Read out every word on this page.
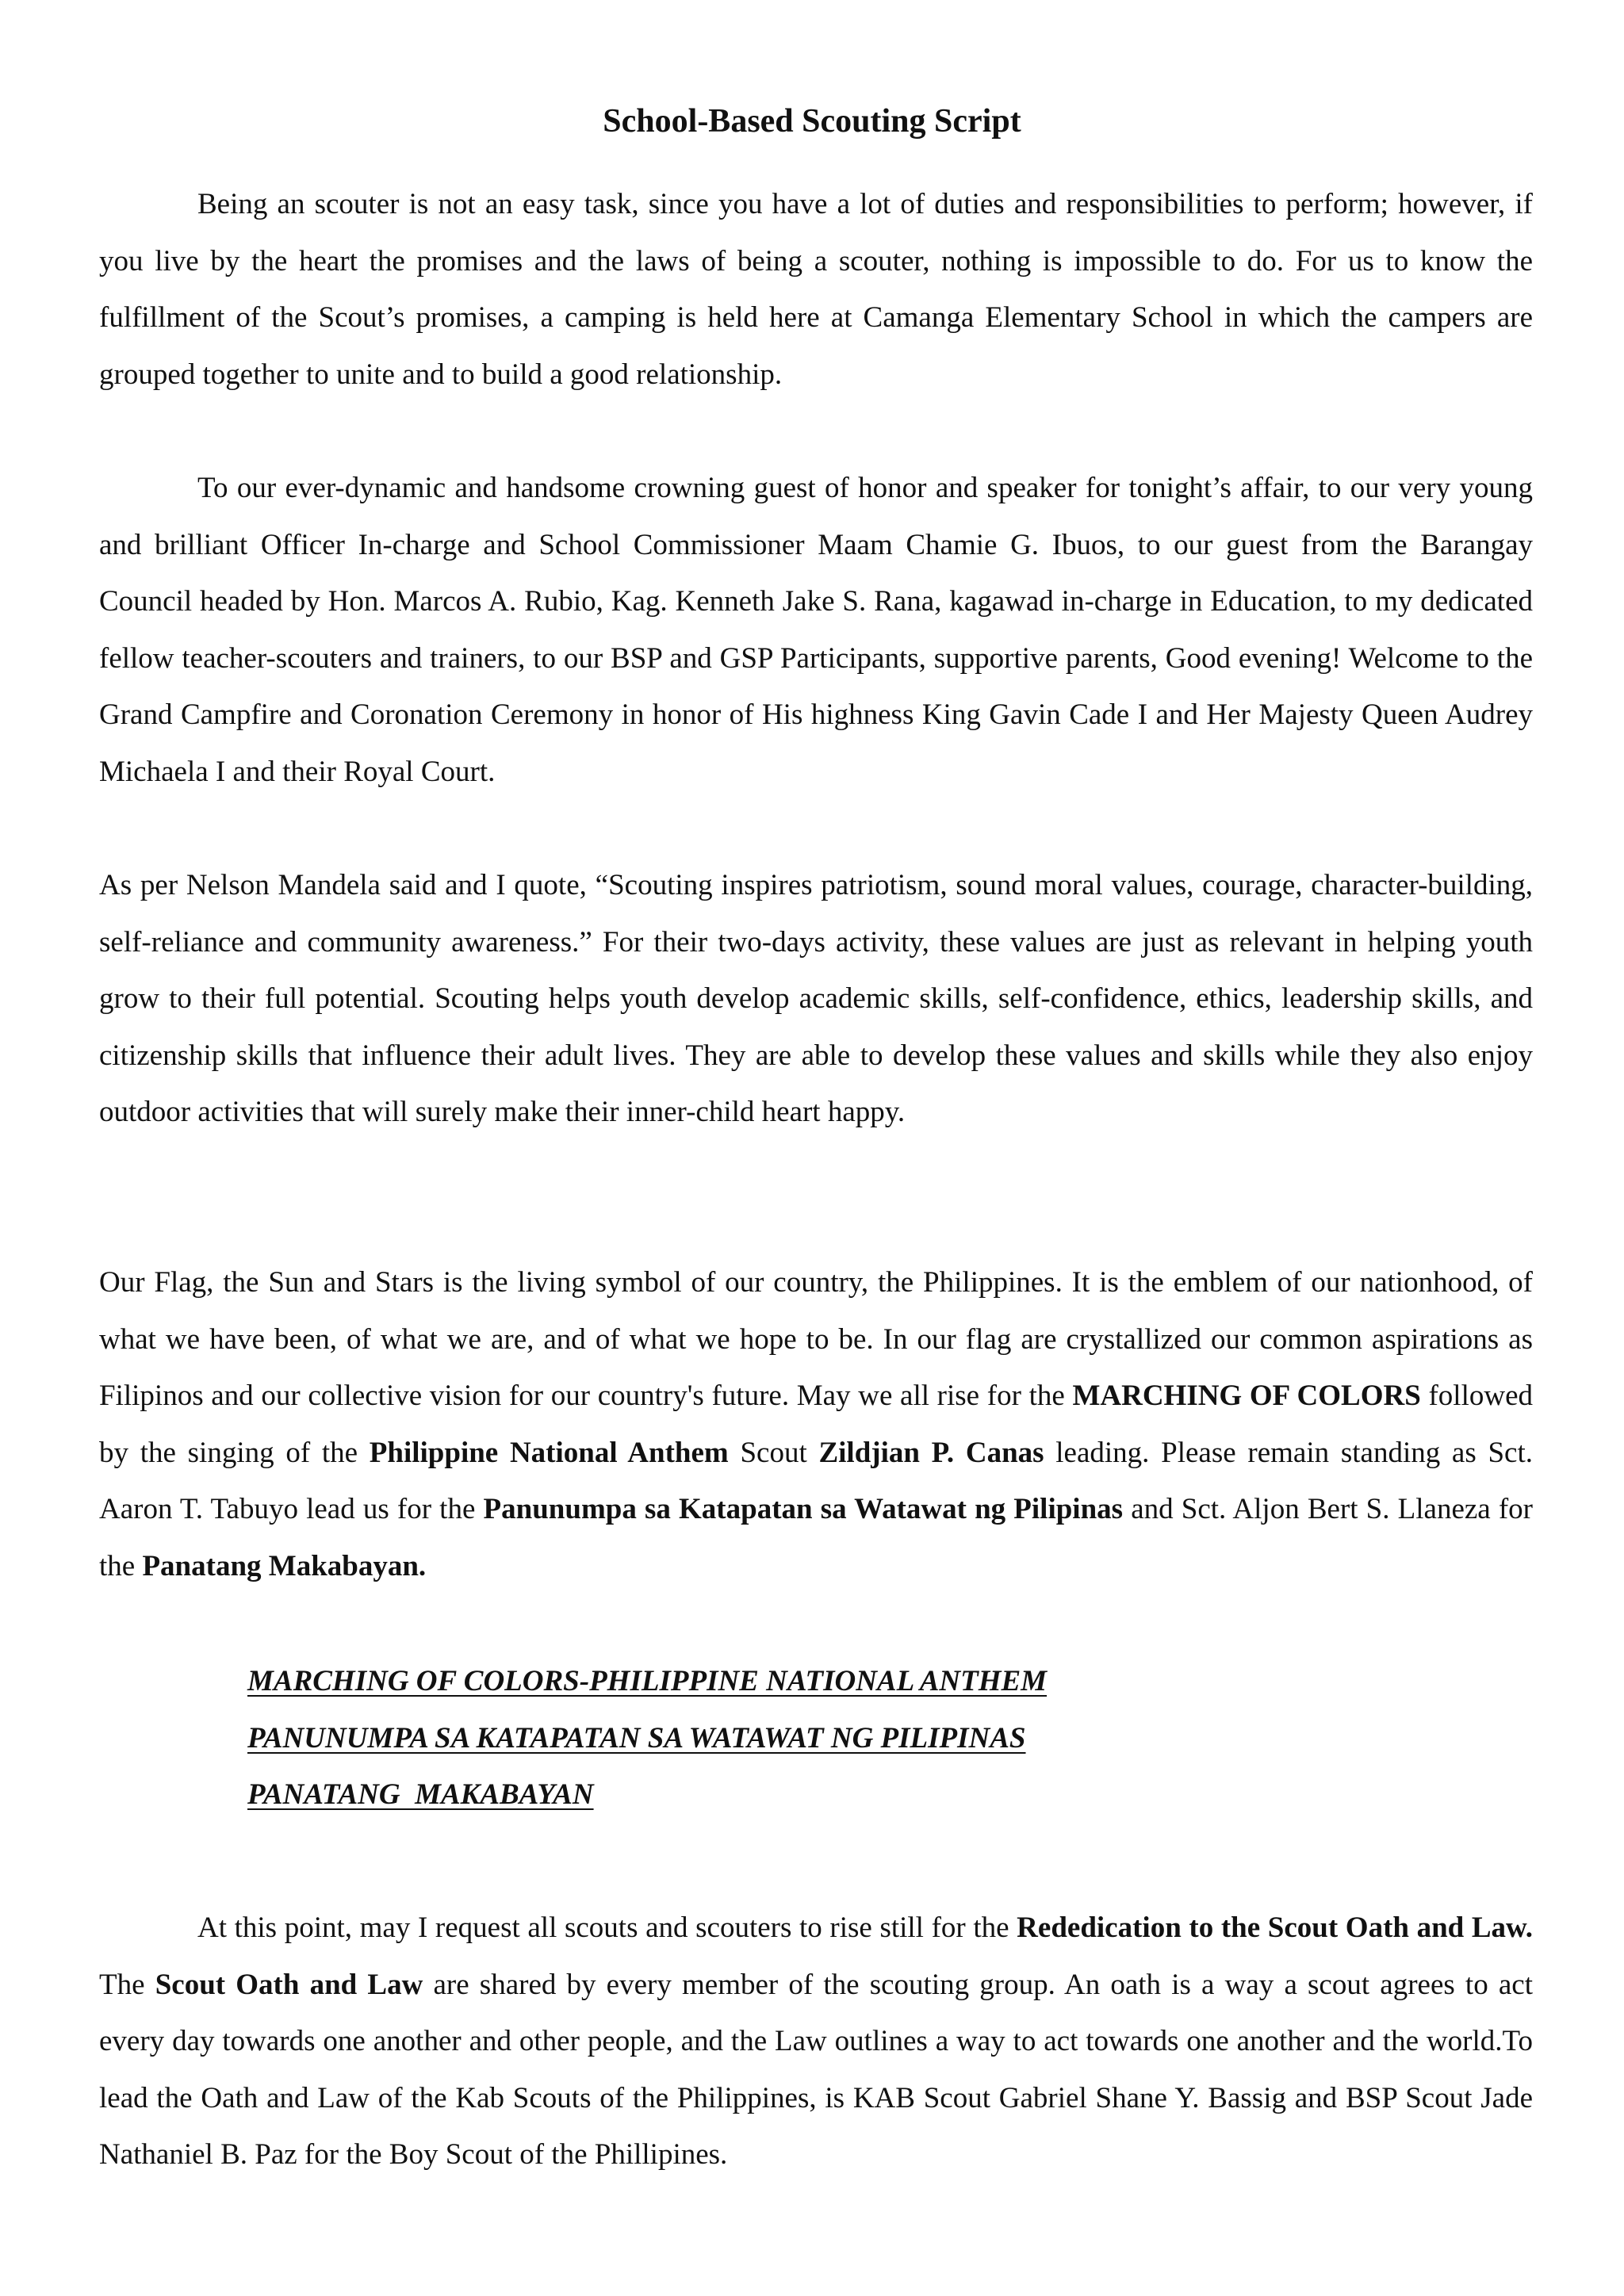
School-Based Scouting Script

Being an scouter is not an easy task, since you have a lot of duties and responsibilities to perform; however, if you live by the heart the promises and the laws of being a scouter, nothing is impossible to do. For us to know the fulfillment of the Scout’s promises, a camping is held here at Camanga Elementary School in which the campers are grouped together to unite and to build a good relationship.

To our ever-dynamic and handsome crowning guest of honor and speaker for tonight’s affair, to our very young and brilliant Officer In-charge and School Commissioner Maam Chamie G. Ibuos, to our guest from the Barangay Council headed by Hon. Marcos A. Rubio, Kag. Kenneth Jake S. Rana, kagawad in-charge in Education, to my dedicated fellow teacher-scouters and trainers, to our BSP and GSP Participants, supportive parents, Good evening! Welcome to the Grand Campfire and Coronation Ceremony in honor of His highness King Gavin Cade I and Her Majesty Queen Audrey Michaela I and their Royal Court.

As per Nelson Mandela said and I quote, “Scouting inspires patriotism, sound moral values, courage, character-building, self-reliance and community awareness.” For their two-days activity, these values are just as relevant in helping youth grow to their full potential. Scouting helps youth develop academic skills, self-confidence, ethics, leadership skills, and citizenship skills that influence their adult lives. They are able to develop these values and skills while they also enjoy outdoor activities that will surely make their inner-child heart happy.

Our Flag, the Sun and Stars is the living symbol of our country, the Philippines. It is the emblem of our nationhood, of what we have been, of what we are, and of what we hope to be. In our flag are crystallized our common aspirations as Filipinos and our collective vision for our country's future. May we all rise for the MARCHING OF COLORS followed by the singing of the Philippine National Anthem Scout Zildjian P. Canas leading. Please remain standing as Sct. Aaron T. Tabuyo lead us for the Panunumpa sa Katapatan sa Watawat ng Pilipinas and Sct. Aljon Bert S. Llaneza for the Panatang Makabayan.

MARCHING OF COLORS-PHILIPPINE NATIONAL ANTHEM
PANUNUMPA SA KATAPATAN SA WATAWAT NG PILIPINAS
PANATANG  MAKABAYAN

At this point, may I request all scouts and scouters to rise still for the Rededication to the Scout Oath and Law. The Scout Oath and Law are shared by every member of the scouting group. An oath is a way a scout agrees to act every day towards one another and other people, and the Law outlines a way to act towards one another and the world.To lead the Oath and Law of the Kab Scouts of the Philippines, is KAB Scout Gabriel Shane Y. Bassig and BSP Scout Jade Nathaniel B. Paz for the Boy Scout of the Phillipines.
